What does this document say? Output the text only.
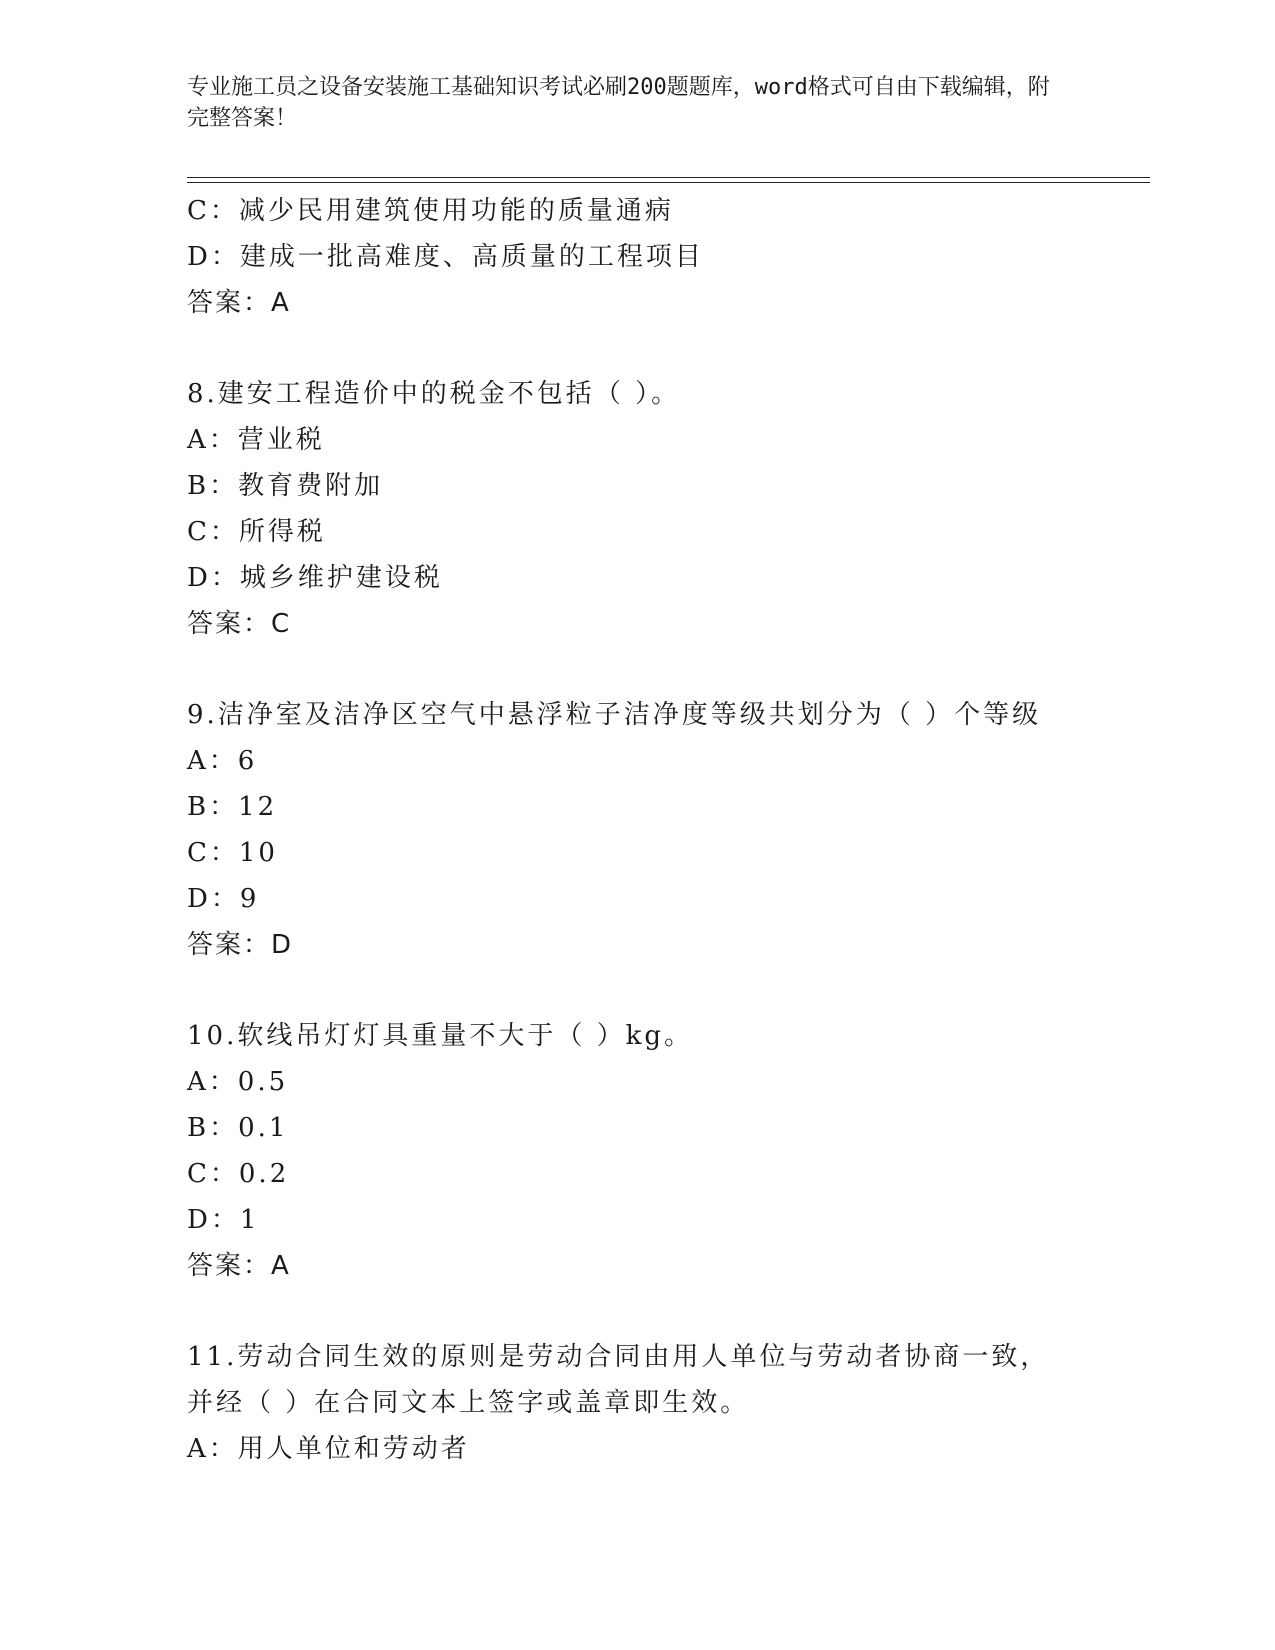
专业施工员之设备安装施工基础知识考试必刷200题题库，word格式可自由下载编辑，附完整答案！

C：减少民用建筑使用功能的质量通病
D：建成一批高难度、高质量的工程项目
答案：A
8.建安工程造价中的税金不包括（ ）。
A：营业税
B：教育费附加
C：所得税
D：城乡维护建设税
答案：C
9.洁净室及洁净区空气中悬浮粒子洁净度等级共划分为（ ）个等级
A：6
B：12
C：10
D：9
答案：D
10.软线吊灯灯具重量不大于（ ）kg。
A：0.5
B：0.1
C：0.2
D：1
答案：A
11.劳动合同生效的原则是劳动合同由用人单位与劳动者协商一致，并经（ ）在合同文本上签字或盖章即生效。
A：用人单位和劳动者
